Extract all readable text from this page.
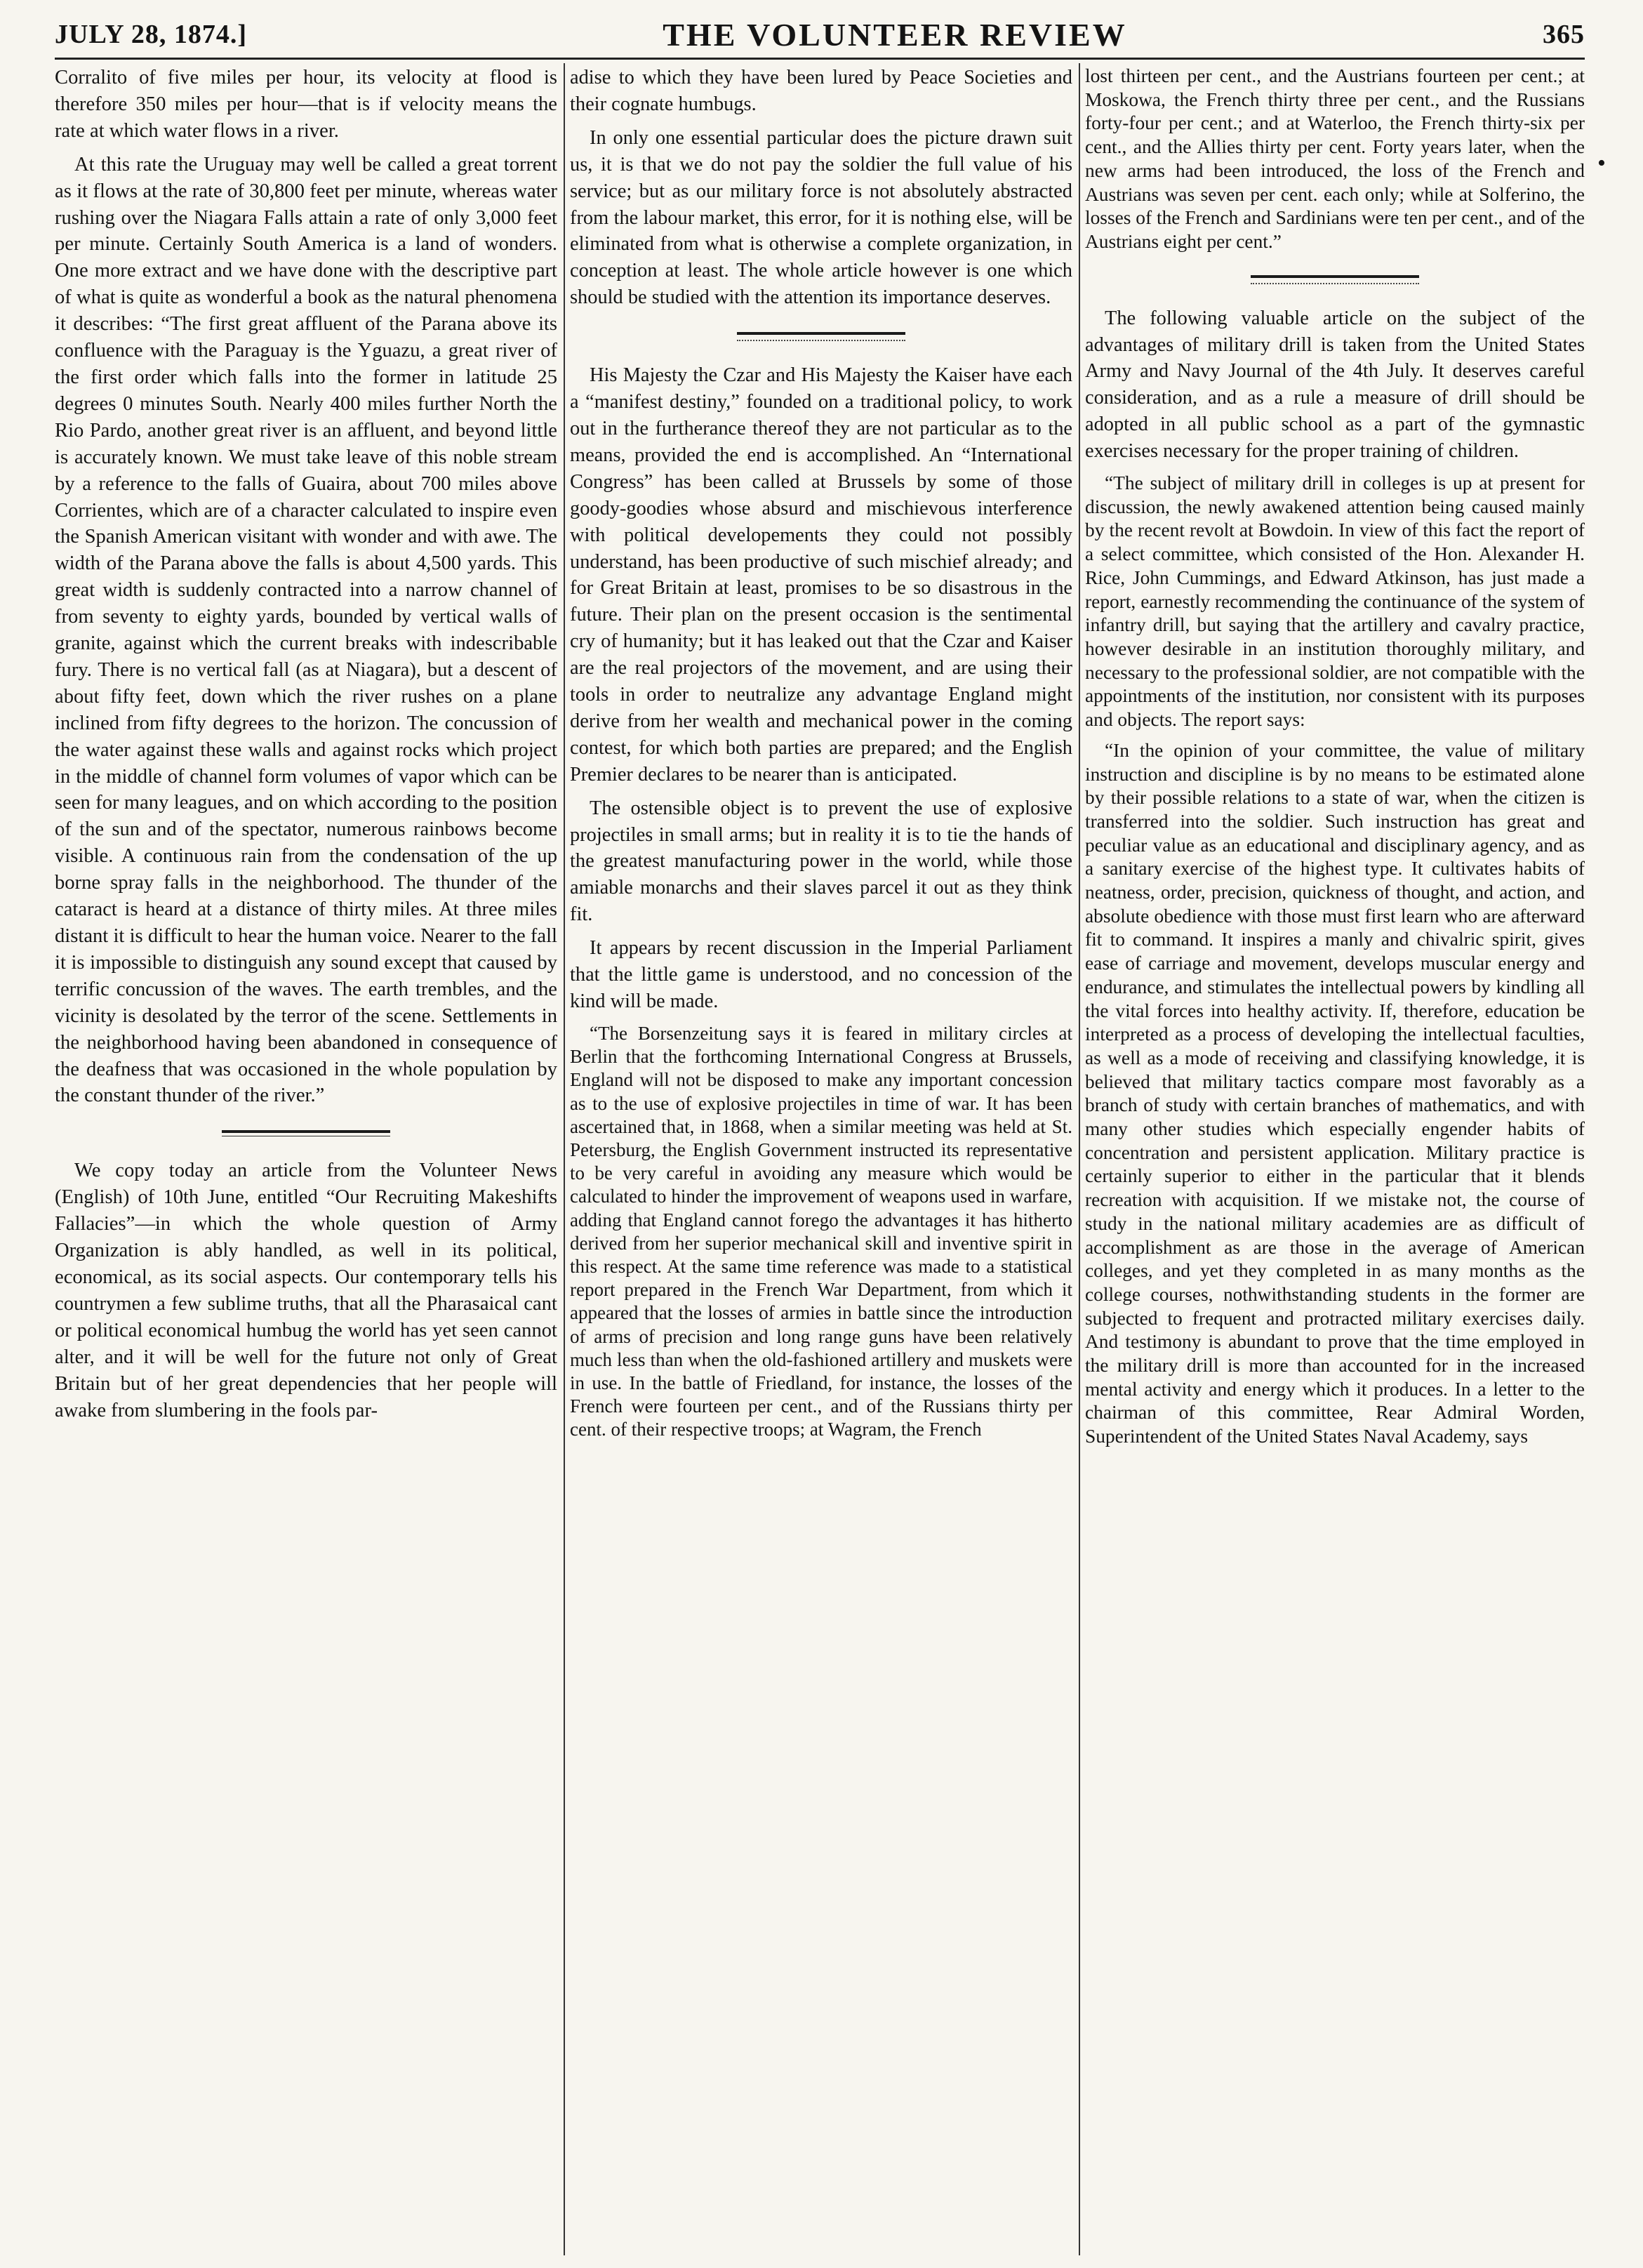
JULY 28, 1874.]	THE VOLUNTEER REVIEW	365

Corralito of five miles per hour, its velocity at flood is therefore 350 miles per hour—that is if velocity means the rate at which water flows in a river.

At this rate the Uruguay may well be called a great torrent as it flows at the rate of 30,800 feet per minute, whereas water rushing over the Niagara Falls attain a rate of only 3,000 feet per minute. Certainly South America is a land of wonders. One more extract and we have done with the descriptive part of what is quite as wonderful a book as the natural phenomena it describes: “The first great affluent of the Parana above its confluence with the Paraguay is the Yguazu, a great river of the first order which falls into the former in latitude 25 degrees 0 minutes South. Nearly 400 miles further North the Rio Pardo, another great river is an affluent, and beyond little is accurately known. We must take leave of this noble stream by a reference to the falls of Guaira, about 700 miles above Corrientes, which are of a character calculated to inspire even the Spanish American visitant with wonder and with awe. The width of the Parana above the falls is about 4,500 yards. This great width is suddenly contracted into a narrow channel of from seventy to eighty yards, bounded by vertical walls of granite, against which the current breaks with indescribable fury. There is no vertical fall (as at Niagara), but a descent of about fifty feet, down which the river rushes on a plane inclined from fifty degrees to the horizon. The concussion of the water against these walls and against rocks which project in the middle of channel form volumes of vapor which can be seen for many leagues, and on which according to the position of the sun and of the spectator, numerous rainbows become visible. A continuous rain from the condensation of the up borne spray falls in the neighborhood. The thunder of the cataract is heard at a distance of thirty miles. At three miles distant it is difficult to hear the human voice. Nearer to the fall it is impossible to distinguish any sound except that caused by terrific concussion of the waves. The earth trembles, and the vicinity is desolated by the terror of the scene. Settlements in the neighborhood having been abandoned in consequence of the deafness that was occasioned in the whole population by the constant thunder of the river.”

We copy today an article from the Volunteer News (English) of 10th June, entitled “Our Recruiting Makeshifts Fallacies”—in which the whole question of Army Organization is ably handled, as well in its political, economical, as its social aspects. Our contemporary tells his countrymen a few sublime truths, that all the Pharasaical cant or political economical humbug the world has yet seen cannot alter, and it will be well for the future not only of Great Britain but of her great dependencies that her people will awake from slumbering in the fools par-

adise to which they have been lured by Peace Societies and their cognate humbugs.

In only one essential particular does the picture drawn suit us, it is that we do not pay the soldier the full value of his service; but as our military force is not absolutely abstracted from the labour market, this error, for it is nothing else, will be eliminated from what is otherwise a complete organization, in conception at least. The whole article however is one which should be studied with the attention its importance deserves.

His Majesty the Czar and His Majesty the Kaiser have each a “manifest destiny,” founded on a traditional policy, to work out in the furtherance thereof they are not particular as to the means, provided the end is accomplished. An “International Congress” has been called at Brussels by some of those goody-goodies whose absurd and mischievous interference with political developements they could not possibly understand, has been productive of such mischief already; and for Great Britain at least, promises to be so disastrous in the future. Their plan on the present occasion is the sentimental cry of humanity; but it has leaked out that the Czar and Kaiser are the real projectors of the movement, and are using their tools in order to neutralize any advantage England might derive from her wealth and mechanical power in the coming contest, for which both parties are prepared; and the English Premier declares to be nearer than is anticipated.

The ostensible object is to prevent the use of explosive projectiles in small arms; but in reality it is to tie the hands of the greatest manufacturing power in the world, while those amiable monarchs and their slaves parcel it out as they think fit.

It appears by recent discussion in the Imperial Parliament that the little game is understood, and no concession of the kind will be made.

“The Borsenzeitung says it is feared in military circles at Berlin that the forthcoming International Congress at Brussels, England will not be disposed to make any important concession as to the use of explosive projectiles in time of war. It has been ascertained that, in 1868, when a similar meeting was held at St. Petersburg, the English Government instructed its representative to be very careful in avoiding any measure which would be calculated to hinder the improvement of weapons used in warfare, adding that England cannot forego the advantages it has hitherto derived from her superior mechanical skill and inventive spirit in this respect. At the same time reference was made to a statistical report prepared in the French War Department, from which it appeared that the losses of armies in battle since the introduction of arms of precision and long range guns have been relatively much less than when the old-fashioned artillery and muskets were in use. In the battle of Friedland, for instance, the losses of the French were fourteen per cent., and of the Russians thirty per cent. of their respective troops; at Wagram, the French

lost thirteen per cent., and the Austrians fourteen per cent.; at Moskowa, the French thirty three per cent., and the Russians forty-four per cent.; and at Waterloo, the French thirty-six per cent., and the Allies thirty per cent. Forty years later, when the new arms had been introduced, the loss of the French and Austrians was seven per cent. each only; while at Solferino, the losses of the French and Sardinians were ten per cent., and of the Austrians eight per cent.”

The following valuable article on the subject of the advantages of military drill is taken from the United States Army and Navy Journal of the 4th July. It deserves careful consideration, and as a rule a measure of drill should be adopted in all public school as a part of the gymnastic exercises necessary for the proper training of children.

“The subject of military drill in colleges is up at present for discussion, the newly awakened attention being caused mainly by the recent revolt at Bowdoin. In view of this fact the report of a select committee, which consisted of the Hon. Alexander H. Rice, John Cummings, and Edward Atkinson, has just made a report, earnestly recommending the continuance of the system of infantry drill, but saying that the artillery and cavalry practice, however desirable in an institution thoroughly military, and necessary to the professional soldier, are not compatible with the appointments of the institution, nor consistent with its purposes and objects. The report says:

“In the opinion of your committee, the value of military instruction and discipline is by no means to be estimated alone by their possible relations to a state of war, when the citizen is transferred into the soldier. Such instruction has great and peculiar value as an educational and disciplinary agency, and as a sanitary exercise of the highest type. It cultivates habits of neatness, order, precision, quickness of thought, and action, and absolute obedience with those must first learn who are afterward fit to command. It inspires a manly and chivalric spirit, gives ease of carriage and movement, develops muscular energy and endurance, and stimulates the intellectual powers by kindling all the vital forces into healthy activity. If, therefore, education be interpreted as a process of developing the intellectual faculties, as well as a mode of receiving and classifying knowledge, it is believed that military tactics compare most favorably as a branch of study with certain branches of mathematics, and with many other studies which especially engender habits of concentration and persistent application. Military practice is certainly superior to either in the particular that it blends recreation with acquisition. If we mistake not, the course of study in the national military academies are as difficult of accomplishment as are those in the average of American colleges, and yet they completed in as many months as the college courses, nothwithstanding students in the former are subjected to frequent and protracted military exercises daily. And testimony is abundant to prove that the time employed in the military drill is more than accounted for in the increased mental activity and energy which it produces. In a letter to the chairman of this committee, Rear Admiral Worden, Superintendent of the United States Naval Academy, says

•
